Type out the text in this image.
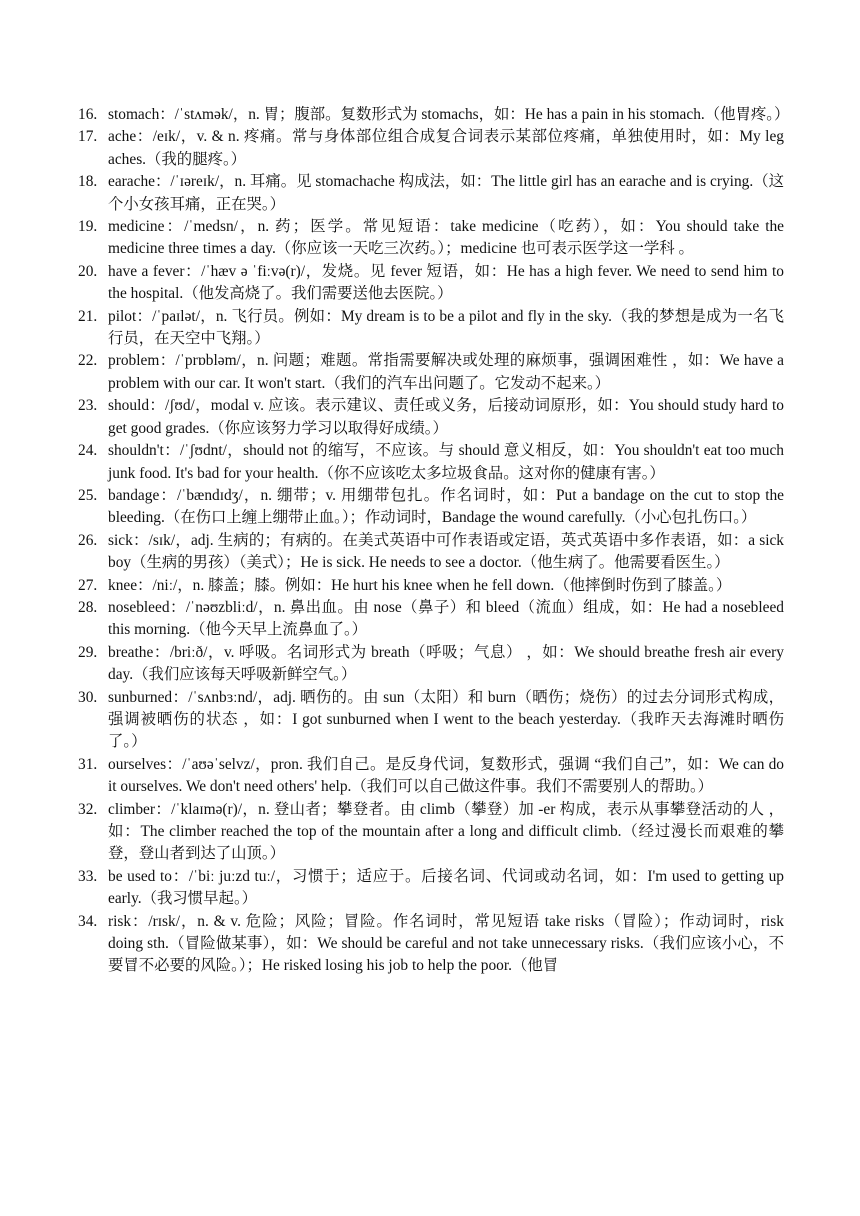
16. stomach：/ˈstʌmək/，n. 胃；腹部。复数形式为 stomachs，如：He has a pain in his stomach.（他胃疼。）
17. ache：/eɪk/，v. & n. 疼痛。常与身体部位组合成复合词表示某部位疼痛，单独使用时，如：My leg aches.（我的腿疼。）
18. earache：/ˈɪəreɪk/，n. 耳痛。见 stomachache 构成法，如：The little girl has an earache and is crying.（这个小女孩耳痛，正在哭。）
19. medicine：/ˈmedsn/，n. 药；医学。常见短语：take medicine（吃药），如：You should take the medicine three times a day.（你应该一天吃三次药。）；medicine 也可表示医学这一学科 。
20. have a fever：/ˈhæv ə ˈfiːvə(r)/，发烧。见 fever 短语，如：He has a high fever. We need to send him to the hospital.（他发高烧了。我们需要送他去医院。）
21. pilot：/ˈpaɪlət/，n. 飞行员。例如：My dream is to be a pilot and fly in the sky.（我的梦想是成为一名飞行员，在天空中飞翔。）
22. problem：/ˈprɒbləm/，n. 问题；难题。常指需要解决或处理的麻烦事，强调困难性 ，如：We have a problem with our car. It won't start.（我们的汽车出问题了。它发动不起来。）
23. should：/ʃʊd/，modal v. 应该。表示建议、责任或义务，后接动词原形，如：You should study hard to get good grades.（你应该努力学习以取得好成绩。）
24. shouldn't：/ˈʃʊdnt/，should not 的缩写，不应该。与 should 意义相反，如：You shouldn't eat too much junk food. It's bad for your health.（你不应该吃太多垃圾食品。这对你的健康有害。）
25. bandage：/ˈbændɪdʒ/，n. 绷带；v. 用绷带包扎。作名词时，如：Put a bandage on the cut to stop the bleeding.（在伤口上缠上绷带止血。）；作动词时，Bandage the wound carefully.（小心包扎伤口。）
26. sick：/sɪk/，adj. 生病的；有病的。在美式英语中可作表语或定语，英式英语中多作表语，如：a sick boy（生病的男孩）（美式）；He is sick. He needs to see a doctor.（他生病了。他需要看医生。）
27. knee：/niː/，n. 膝盖；膝。例如：He hurt his knee when he fell down.（他摔倒时伤到了膝盖。）
28. nosebleed：/ˈnəʊzbliːd/，n. 鼻出血。由 nose（鼻子）和 bleed（流血）组成，如：He had a nosebleed this morning.（他今天早上流鼻血了。）
29. breathe：/briːð/，v. 呼吸。名词形式为 breath（呼吸；气息） ，如：We should breathe fresh air every day.（我们应该每天呼吸新鲜空气。）
30. sunburned：/ˈsʌnbɜːnd/，adj. 晒伤的。由 sun（太阳）和 burn（晒伤；烧伤）的过去分词形式构成，强调被晒伤的状态 ，如：I got sunburned when I went to the beach yesterday.（我昨天去海滩时晒伤了。）
31. ourselves：/ˈaʊəˈselvz/，pron. 我们自己。是反身代词，复数形式，强调 “我们自己”，如：We can do it ourselves. We don't need others' help.（我们可以自己做这件事。我们不需要别人的帮助。）
32. climber：/ˈklaɪmə(r)/，n. 登山者；攀登者。由 climb（攀登）加 -er 构成，表示从事攀登活动的人 ，如：The climber reached the top of the mountain after a long and difficult climb.（经过漫长而艰难的攀登，登山者到达了山顶。）
33. be used to：/ˈbiː juːzd tuː/，习惯于；适应于。后接名词、代词或动名词，如：I'm used to getting up early.（我习惯早起。）
34. risk：/rɪsk/，n. & v. 危险；风险；冒险。作名词时，常见短语 take risks（冒险）；作动词时，risk doing sth.（冒险做某事），如：We should be careful and not take unnecessary risks.（我们应该小心，不要冒不必要的风险。）；He risked losing his job to help the poor.（他冒
